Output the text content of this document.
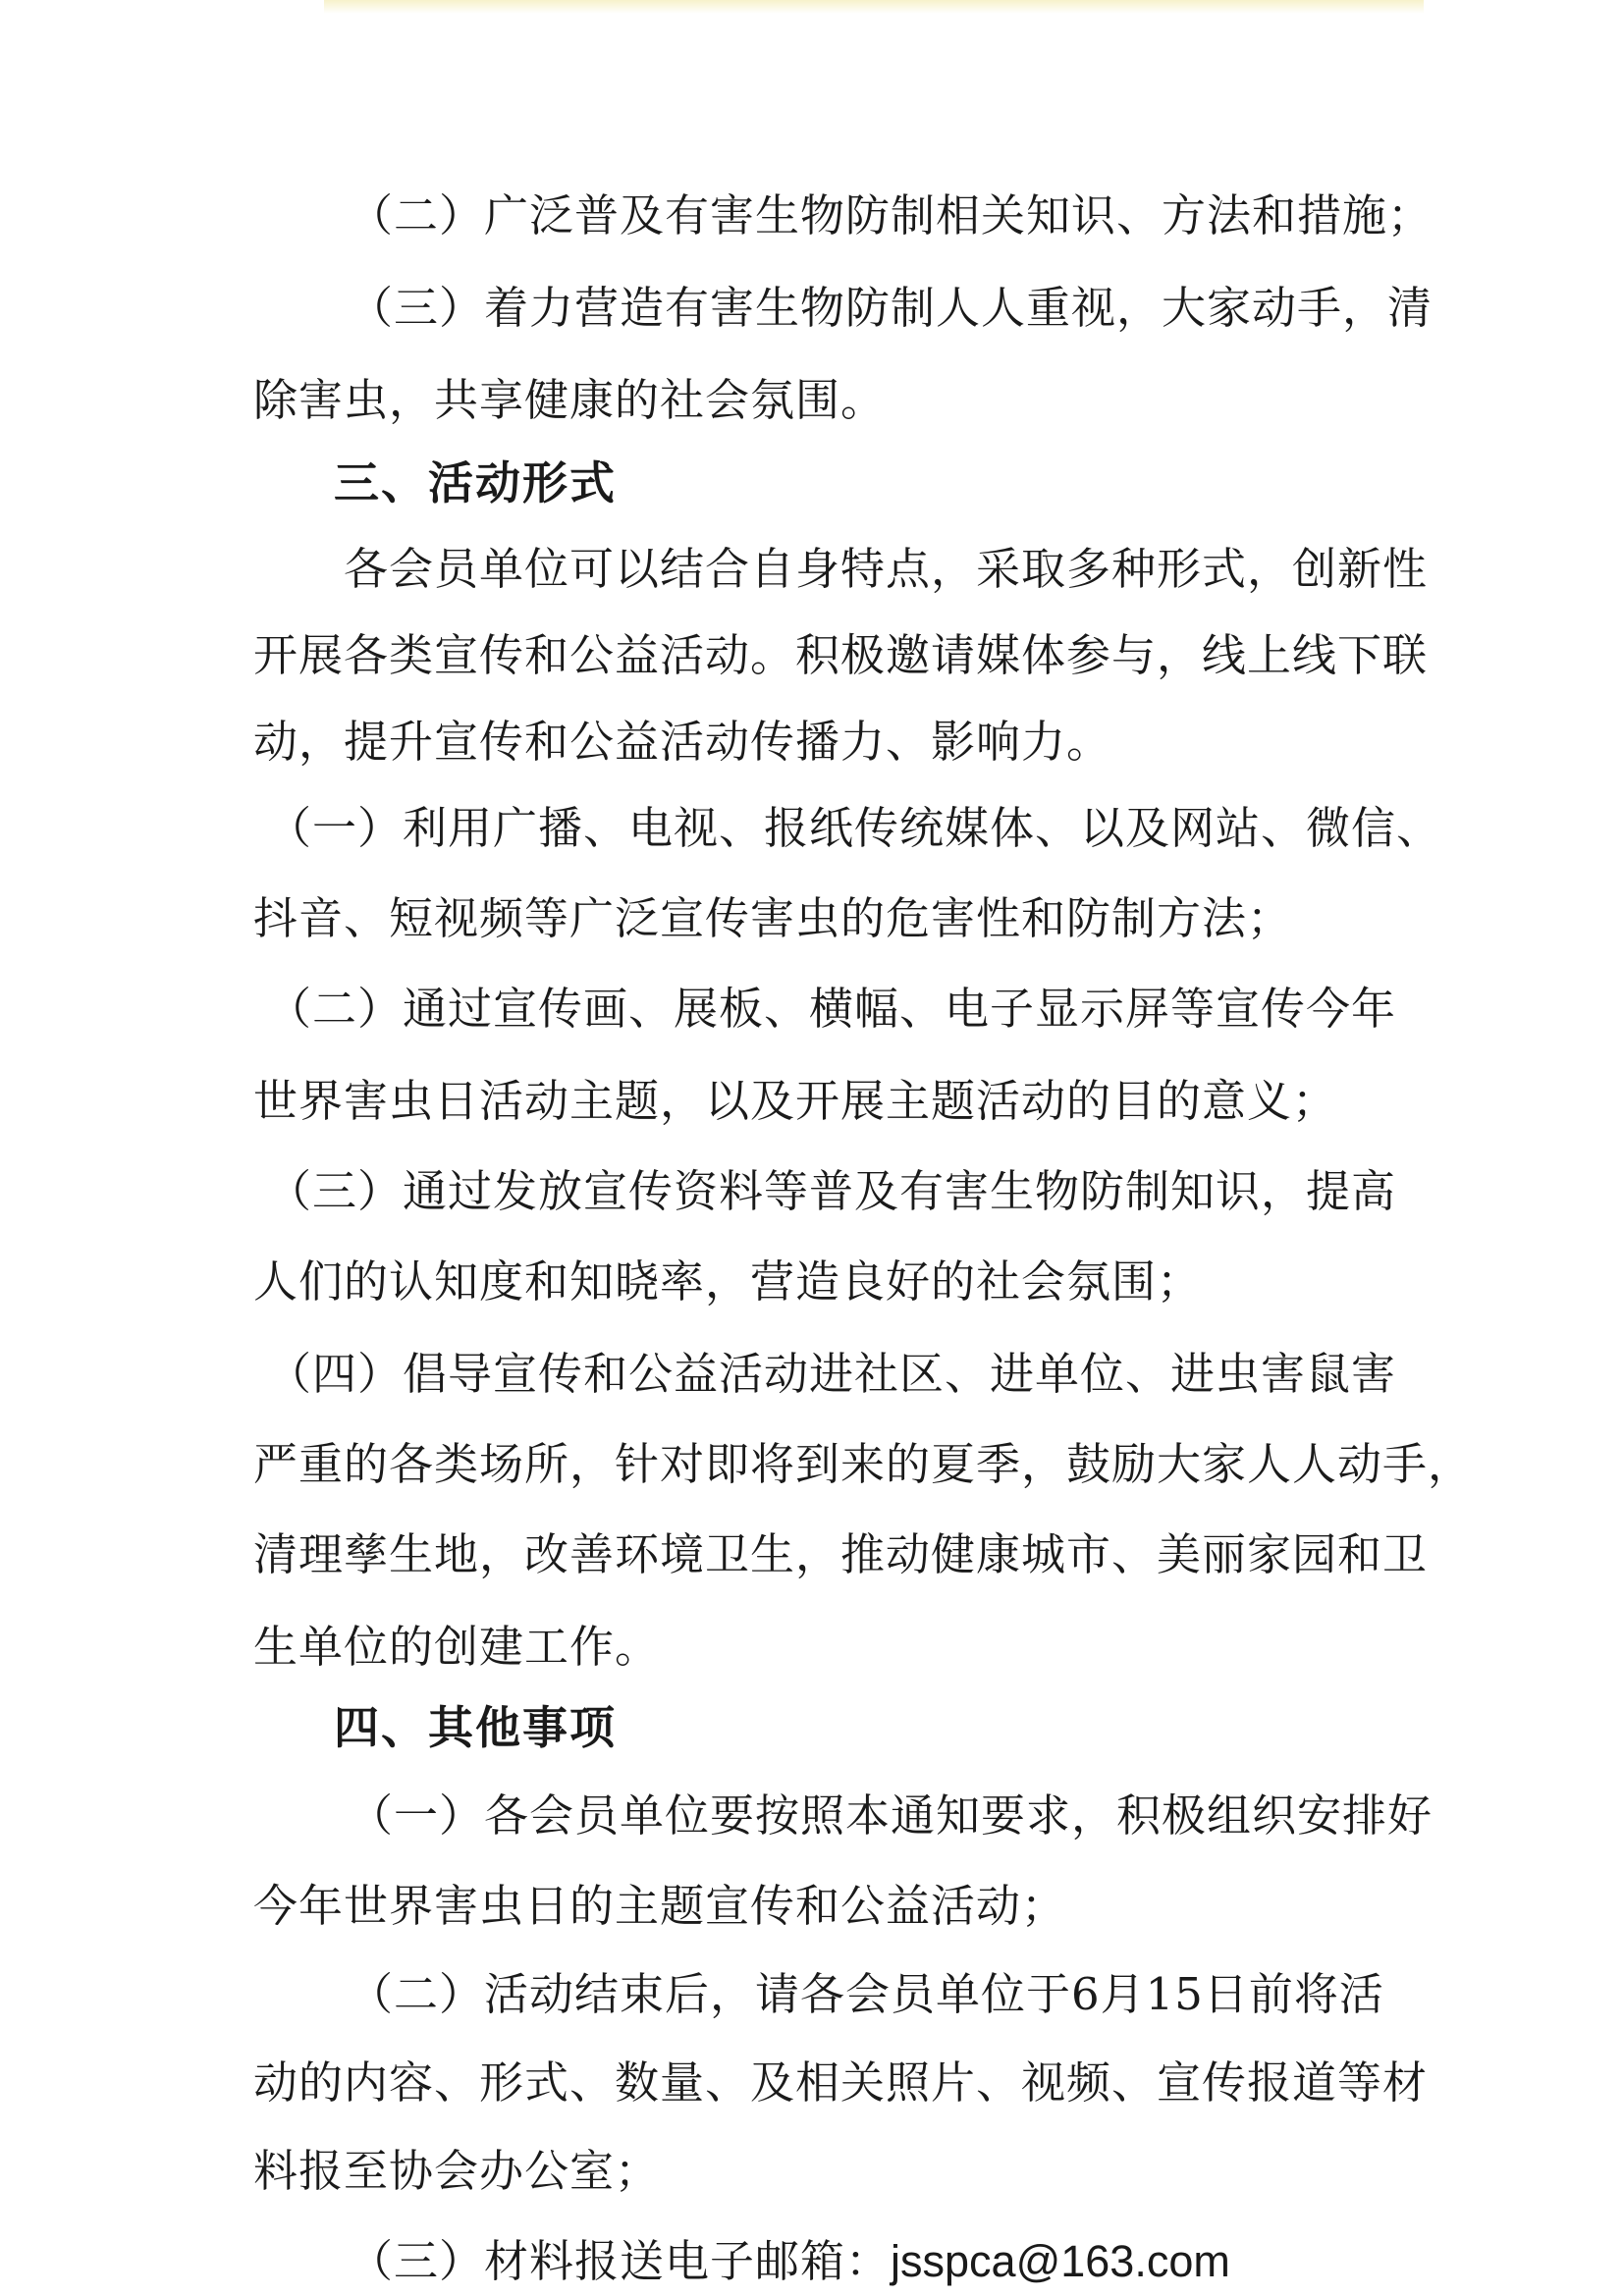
（二）广泛普及有害生物防制相关知识、方法和措施；
（三）着力营造有害生物防制人人重视，大家动手，清
除害虫，共享健康的社会氛围。
三、活动形式
各会员单位可以结合自身特点，采取多种形式，创新性
开展各类宣传和公益活动。积极邀请媒体参与，线上线下联
动，提升宣传和公益活动传播力、影响力。
（一）利用广播、电视、报纸传统媒体、以及网站、微信、
抖音、短视频等广泛宣传害虫的危害性和防制方法；
（二）通过宣传画、展板、横幅、电子显示屏等宣传今年
世界害虫日活动主题，以及开展主题活动的目的意义；
（三）通过发放宣传资料等普及有害生物防制知识，提高
人们的认知度和知晓率，营造良好的社会氛围；
（四）倡导宣传和公益活动进社区、进单位、进虫害鼠害
严重的各类场所，针对即将到来的夏季，鼓励大家人人动手，
清理孳生地，改善环境卫生，推动健康城市、美丽家园和卫
生单位的创建工作。
四、其他事项
（一）各会员单位要按照本通知要求，积极组织安排好
今年世界害虫日的主题宣传和公益活动；
（二）活动结束后，请各会员单位于6月15日前将活
动的内容、形式、数量、及相关照片、视频、宣传报道等材
料报至协会办公室；
（三）材料报送电子邮箱：jsspca@163.com
